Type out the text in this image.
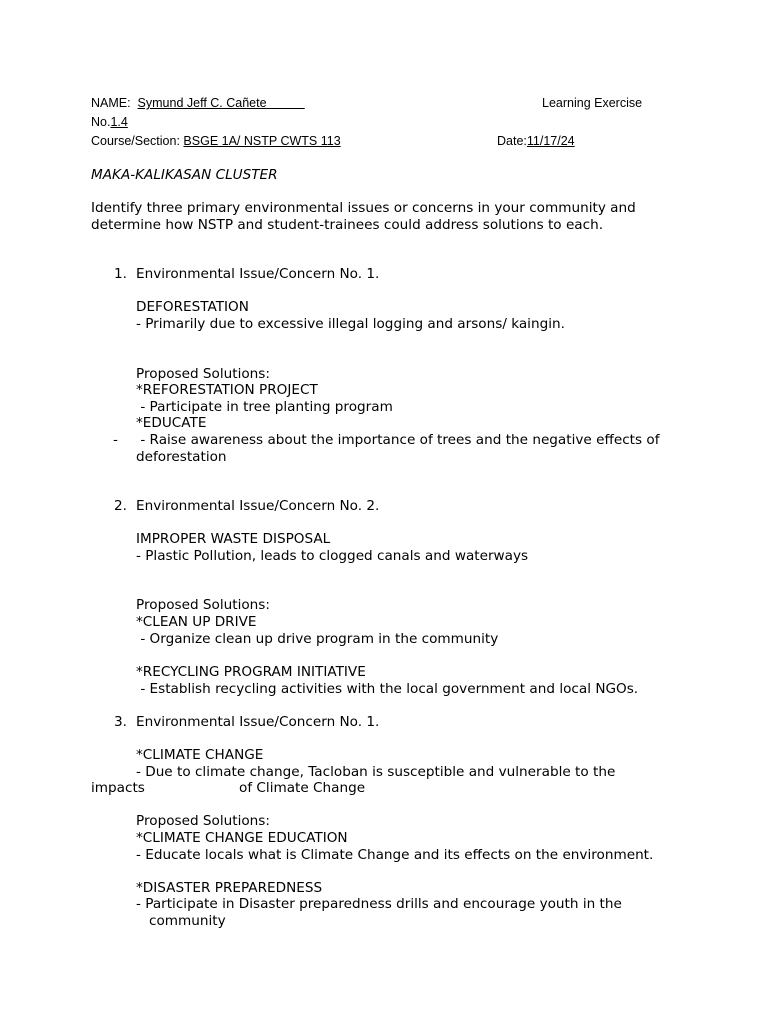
NAME: Symund Jeff C. Cañete	Learning Exercise
No.1.4
Course/Section: BSGE 1A/ NSTP CWTS 113	Date:11/17/24
MAKA-KALIKASAN CLUSTER
Identify three primary environmental issues or concerns in your community and
determine how NSTP and student-trainees could address solutions to each.
1. Environmental Issue/Concern No. 1.
DEFORESTATION
- Primarily due to excessive illegal logging and arsons/ kaingin.
Proposed Solutions:
*REFORESTATION PROJECT
- Participate in tree planting program
*EDUCATE
- - Raise awareness about the importance of trees and the negative effects of
deforestation
2. Environmental Issue/Concern No. 2.
IMPROPER WASTE DISPOSAL
- Plastic Pollution, leads to clogged canals and waterways
Proposed Solutions:
*CLEAN UP DRIVE
- Organize clean up drive program in the community
*RECYCLING PROGRAM INITIATIVE
- Establish recycling activities with the local government and local NGOs.
3. Environmental Issue/Concern No. 1.
*CLIMATE CHANGE
- Due to climate change, Tacloban is susceptible and vulnerable to the
impacts	of Climate Change
Proposed Solutions:
*CLIMATE CHANGE EDUCATION
- Educate locals what is Climate Change and its effects on the environment.
*DISASTER PREPAREDNESS
- Participate in Disaster preparedness drills and encourage youth in the
community
